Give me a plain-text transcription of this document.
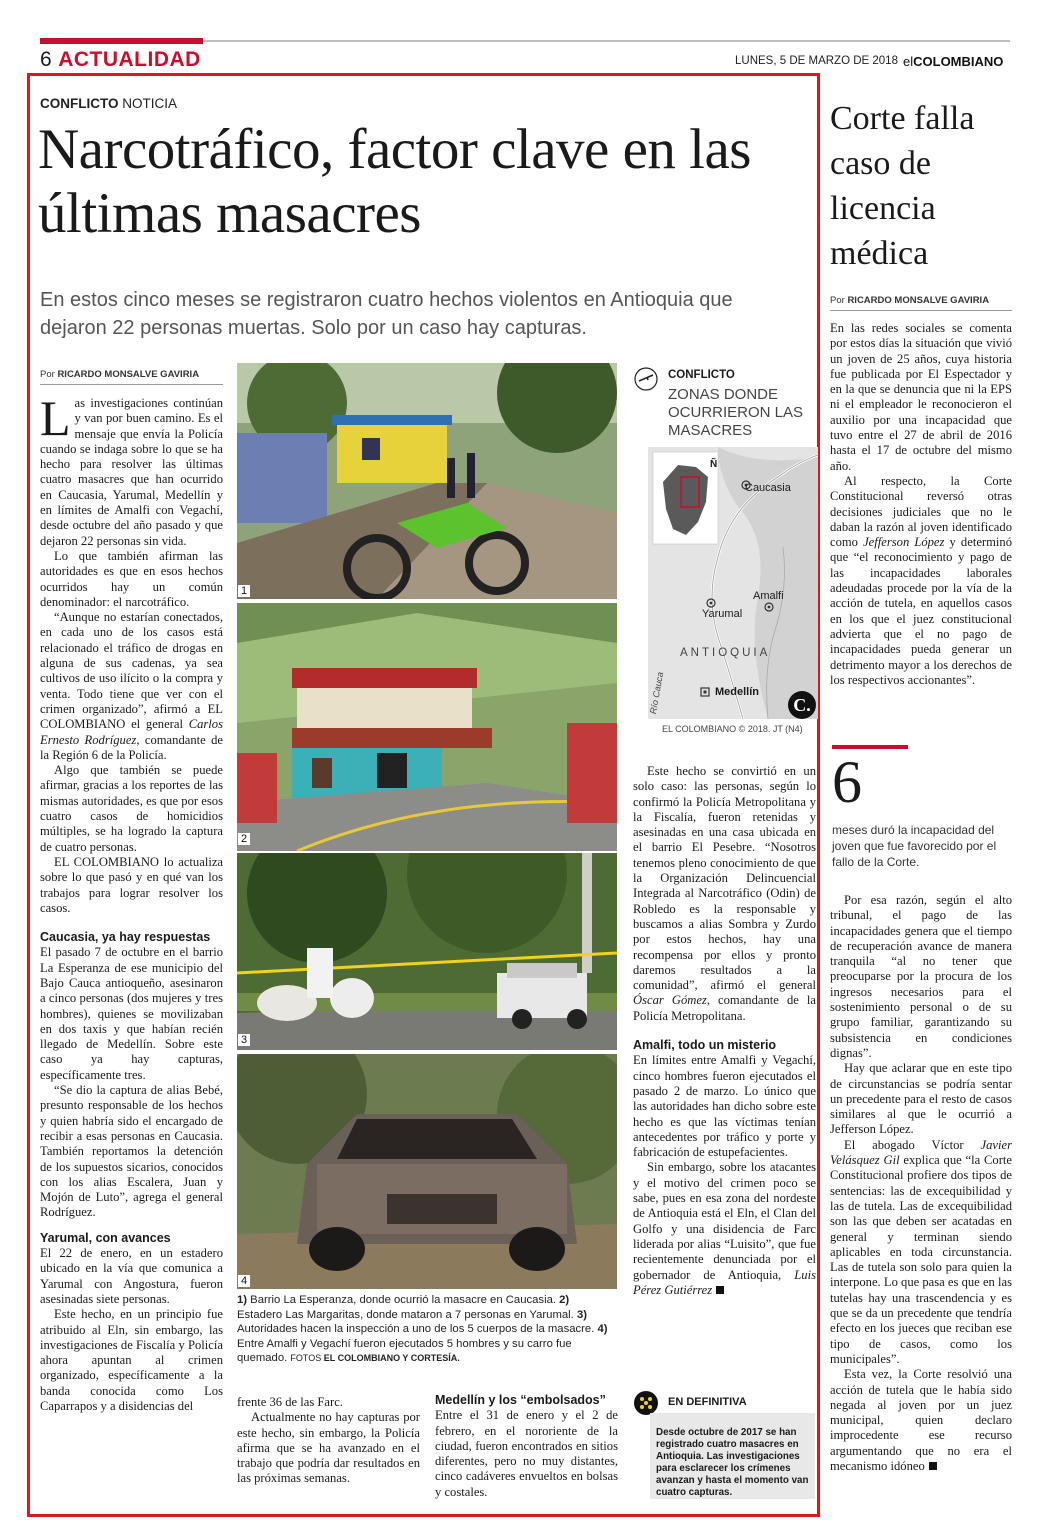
6 ACTUALIDAD	LUNES, 5 DE MARZO DE 2018 elCOLOMBIANO
CONFLICTO NOTICIA
Narcotráfico, factor clave en las últimas masacres
En estos cinco meses se registraron cuatro hechos violentos en Antioquia que dejaron 22 personas muertas. Solo por un caso hay capturas.
Por RICARDO MONSALVE GAVIRIA

Las investigaciones continúan y van por buen camino. Es el mensaje que envía la Policía cuando se indaga sobre lo que se ha hecho para resolver las últimas cuatro masacres que han ocurrido en Caucasia, Yarumal, Medellín y en límites de Amalfi con Vegachí, desde octubre del año pasado y que dejaron 22 personas sin vida.

Lo que también afirman las autoridades es que en esos hechos ocurridos hay un común denominador: el narcotráfico.

“Aunque no estarían conectados, en cada uno de los casos está relacionado el tráfico de drogas en alguna de sus cadenas, ya sea cultivos de uso ilícito o la compra y venta. Todo tiene que ver con el crimen organizado”, afirmó a EL COLOMBIANO el general Carlos Ernesto Rodríguez, comandante de la Región 6 de la Policía.

Algo que también se puede afirmar, gracias a los reportes de las mismas autoridades, es que por esos cuatro casos de homicidios múltiples, se ha logrado la captura de cuatro personas.

EL COLOMBIANO lo actualiza sobre lo que pasó y en qué van los trabajos para lograr resolver los casos.

Caucasia, ya hay respuestas

El pasado 7 de octubre en el barrio La Esperanza de ese municipio del Bajo Cauca antioqueño, asesinaron a cinco personas (dos mujeres y tres hombres), quienes se movilizaban en dos taxis y que habían recién llegado de Medellín. Sobre este caso ya hay capturas, específicamente tres.

“Se dio la captura de alias Bebé, presunto responsable de los hechos y quien habría sido el encargado de recibir a esas personas en Caucasia. También reportamos la detención de los supuestos sicarios, conocidos con los alias Escalera, Juan y Mojón de Luto”, agrega el general Rodríguez.

Yarumal, con avances

El 22 de enero, en un estadero ubicado en la vía que comunica a Yarumal con Angostura, fueron asesinadas siete personas.

Este hecho, en un principio fue atribuido al Eln, sin embargo, las investigaciones de Fiscalía y Policía ahora apuntan al crimen organizado, específicamente a la banda conocida como Los Caparrapos y a disidencias del

1
2
3
4
1) Barrio La Esperanza, donde ocurrió la masacre en Caucasia. 2) Estadero Las Margaritas, donde mataron a 7 personas en Yarumal. 3) Autoridades hacen la inspección a uno de los 5 cuerpos de la masacre. 4) Entre Amalfi y Vegachí fueron ejecutados 5 hombres y su carro fue quemado. FOTOS EL COLOMBIANO Y CORTESÍA.

frente 36 de las Farc.

Actualmente no hay capturas por este hecho, sin embargo, la Policía afirma que se ha avanzado en el trabajo que podría dar resultados en las próximas semanas.

Medellín y los “embolsados”

Entre el 31 de enero y el 2 de febrero, en el nororiente de la ciudad, fueron encontrados en sitios diferentes, pero no muy distantes, cinco cadáveres envueltos en bolsas y costales.

CONFLICTO
ZONAS DONDE OCURRIERON LAS MASACRES
Ñ
Caucasia
Amalfi
Yarumal
ANTIOQUIA
Río Cauca	Medellín
C.
EL COLOMBIANO © 2018. JT (N4)

Este hecho se convirtió en un solo caso: las personas, según lo confirmó la Policía Metropolitana y la Fiscalía, fueron retenidas y asesinadas en una casa ubicada en el barrio El Pesebre. “Nosotros tenemos pleno conocimiento de que la Organización Delincuencial Integrada al Narcotráfico (Odin) de Robledo es la responsable y buscamos a alias Sombra y Zurdo por estos hechos, hay una recompensa por ellos y pronto daremos resultados a la comunidad”, afirmó el general Óscar Gómez, comandante de la Policía Metropolitana.

Amalfi, todo un misterio

En límites entre Amalfi y Vegachí, cinco hombres fueron ejecutados el pasado 2 de marzo. Lo único que las autoridades han dicho sobre este hecho es que las víctimas tenían antecedentes por tráfico y porte y fabricación de estupefacientes.

Sin embargo, sobre los atacantes y el motivo del crimen poco se sabe, pues en esa zona del nordeste de Antioquia está el Eln, el Clan del Golfo y una disidencia de Farc liderada por alias “Luisito”, que fue recientemente denunciada por el gobernador de Antioquia, Luis Pérez Gutiérrez

EN DEFINITIVA
Desde octubre de 2017 se han registrado cuatro masacres en Antioquia. Las investigaciones para esclarecer los crímenes avanzan y hasta el momento van cuatro capturas.
Corte falla caso de licencia médica
Por RICARDO MONSALVE GAVIRIA

En las redes sociales se comenta por estos días la situación que vivió un joven de 25 años, cuya historia fue publicada por El Espectador y en la que se denuncia que ni la EPS ni el empleador le reconocieron el auxilio por una incapacidad que tuvo entre el 27 de abril de 2016 hasta el 17 de octubre del mismo año.

Al respecto, la Corte Constitucional reversó otras decisiones judiciales que no le daban la razón al joven identificado como Jefferson López y determinó que “el reconocimiento y pago de las incapacidades laborales adeudadas procede por la vía de la acción de tutela, en aquellos casos en los que el juez constitucional advierta que el no pago de incapacidades pueda generar un detrimento mayor a los derechos de los respectivos accionantes”.

6
meses duró la incapacidad del joven que fue favorecido por el fallo de la Corte.

Por esa razón, según el alto tribunal, el pago de las incapacidades genera que el tiempo de recuperación avance de manera tranquila “al no tener que preocuparse por la procura de los ingresos necesarios para el sostenimiento personal o de su grupo familiar, garantizando su subsistencia en condiciones dignas”.

Hay que aclarar que en este tipo de circunstancias se podría sentar un precedente para el resto de casos similares al que le ocurrió a Jefferson López.

El abogado Víctor Javier Velásquez Gil explica que “la Corte Constitucional profiere dos tipos de sentencias: las de excequibilidad y las de tutela. Las de excequibilidad son las que deben ser acatadas en general y terminan siendo aplicables en toda circunstancia. Las de tutela son solo para quien la interpone. Lo que pasa es que en las tutelas hay una trascendencia y es que se da un precedente que tendría efecto en los jueces que reciban ese tipo de casos, como los municipales”.

Esta vez, la Corte resolvió una acción de tutela que le había sido negada al joven por un juez municipal, quien declaro improcedente ese recurso argumentando que no era el mecanismo idóneo
